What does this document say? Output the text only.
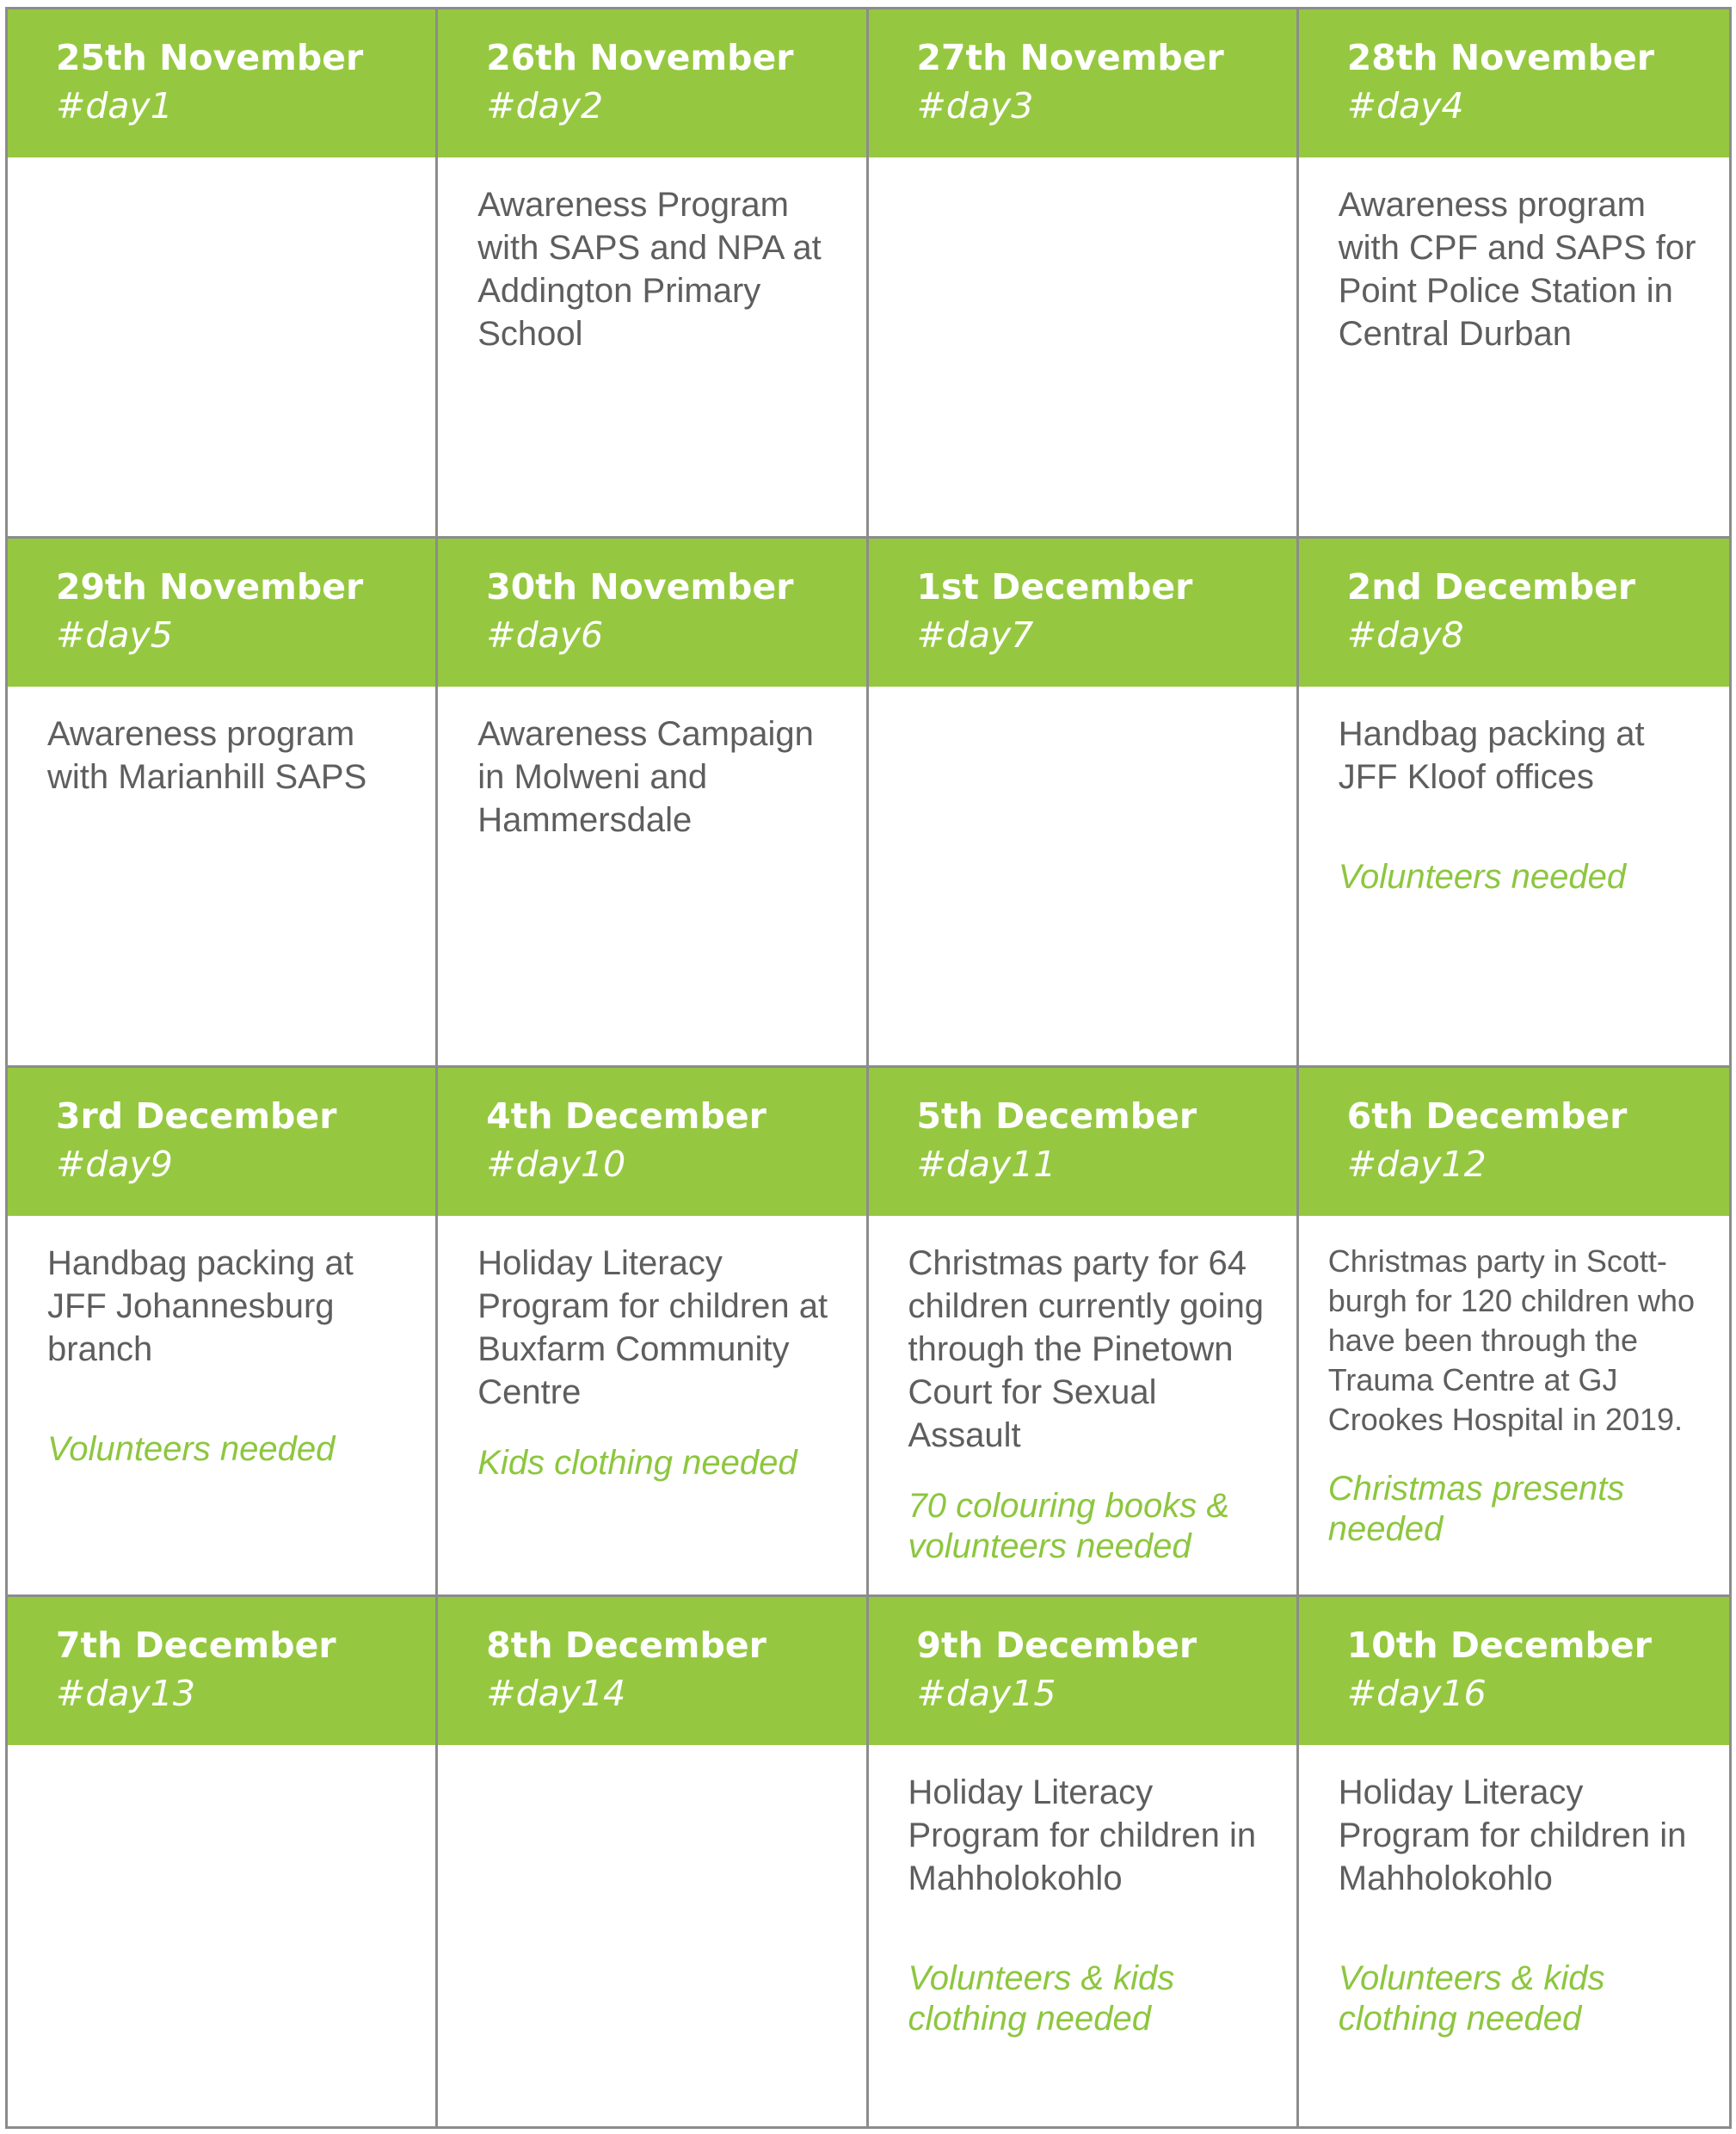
25th November
#day1
26th November
#day2
Awareness Program with SAPS and NPA at Addington Primary School
27th November
#day3
28th November
#day4
Awareness program with CPF and SAPS for Point Police Station in Central Durban
29th November
#day5
Awareness program with Marianhill SAPS
30th November
#day6
Awareness Campaign in Molweni and Hammersdale
1st December
#day7
2nd December
#day8
Handbag packing at JFF Kloof offices
Volunteers needed
3rd December
#day9
Handbag packing at JFF Johannesburg branch
Volunteers needed
4th December
#day10
Holiday Literacy Program for children at Buxfarm Community Centre
Kids clothing needed
5th December
#day11
Christmas party for 64 children currently going through the Pinetown Court for Sexual Assault
70 colouring books & volunteers needed
6th December
#day12
Christmas party in Scott-burgh for 120 children who have been through the Trauma Centre at GJ Crookes Hospital in 2019.
Christmas presents needed
7th December
#day13
8th December
#day14
9th December
#day15
Holiday Literacy Program for children in Mahholokohlo
Volunteers & kids clothing needed
10th December
#day16
Holiday Literacy Program for children in Mahholokohlo
Volunteers & kids clothing needed
